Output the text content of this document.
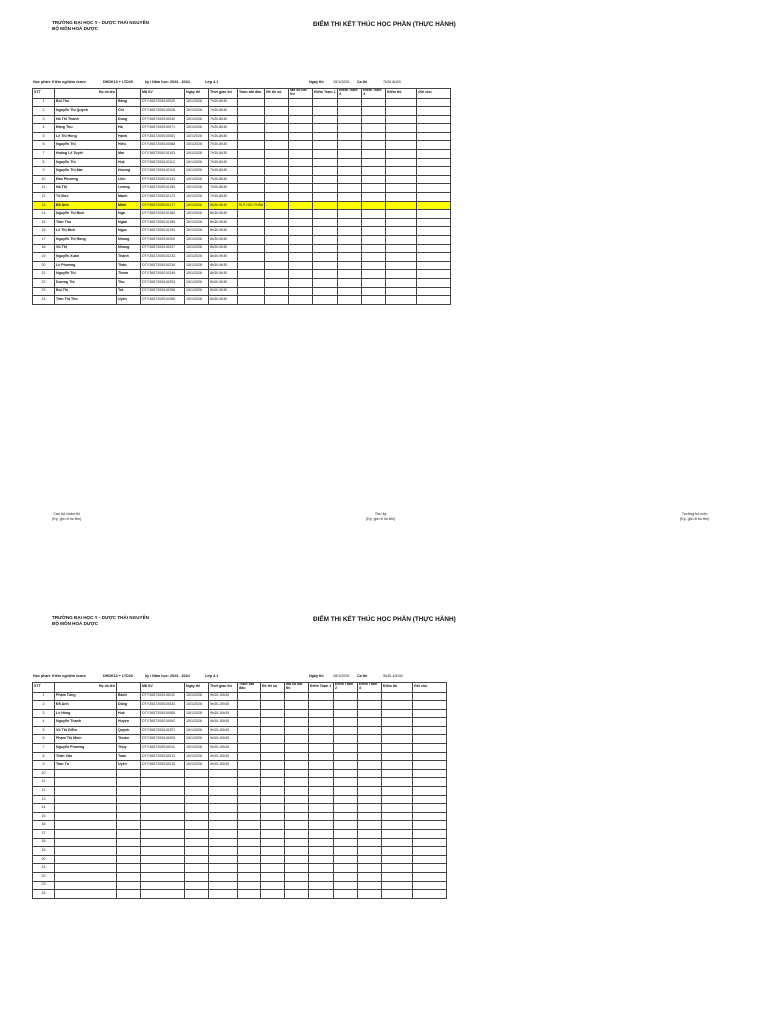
TRƯỜNG ĐẠI HỌC Y - DƯỢC THÁI NGUYÊN
BỘ MÔN HOÁ DƯỢC
ĐIỂM THI KẾT THÚC HỌC PHẦN (THỰC HÀNH)
Học phần: Kiểm nghiệm dược	DHDK16 + LTD20	kỳ I Năm học: 2023 - 2024	Lớp 4.1	Ngày thi	15/1/2026 Ca thi	7h30-8h30
STT	Họ và tên		Mã SV	Ngày thi	Thời gian thi	Trạm bắt đầu	Đề thi số	Mã số bài thi	Điểm Trạm 1	Điểm Trạm 2	Điểm Trạm 3	Điểm thi	Ghi chú
1	Bùi Thu	Băng	DTY2657200010020	15/1/2026	7h30-8h30								
2	Nguyễn Thị Quỳnh	Chi	DTY2657200010028	15/1/2026	7h30-8h30								
3	Hà Thị Thanh	Dung	DTY2657200010040	15/1/2026	7h30-8h30								
4	Đặng Thu	Hà	DTY2657200010071	15/1/2026	7h30-8h30								
5	Lê Thị Hồng	Hạnh	DTY2657200010081	15/1/2026	7h30-8h30								
6	Nguyễn Thị	Hiếu	DTY2657200010088	15/1/2026	7h30-8h30								
7	Hoàng Lê Tuyết	Mai	DTY2657200010103	15/1/2026	7h30-8h30								
8	Nguyễn Thị	Huệ	DTY2657200010112	15/1/2026	7h30-8h30								
9	Nguyễn Thị Mai	Hương	DTY2657200010118	15/1/2026	7h30-8h30								
10	Đào Phương	Liên	DTY2657200010143	15/1/2026	7h30-8h30								
11	Hà Thị	Lương	DTY2657200010159	15/1/2026	7h30-8h30								
12	Tô Đức	Mạnh	DTY2657200010172	15/1/2026	7h30-8h30								
13	Đỗ Anh	Minh	DTY2657200010177	15/1/2026	8h30-9h30	RÚT HỌC PHẦN							
14	Nguyễn Thị Bích	Ngà	DTY2657200010184	15/1/2026	8h30-9h30								
15	Trần Thu	Ngân	DTY2657200010189	15/1/2026	8h30-9h30								
16	Lê Thị Bích	Ngọc	DTY2657200010194	15/1/2026	8h30-9h30								
17	Nguyễn Thị Hồng	Nhung	DTY2657200010200	15/1/2026	8h30-9h30								
18	Vũ Thị	Nhung	DTY2657200010207	15/1/2026	8h30-9h30								
19	Nguyễn Xuân	Thành	DTY2657200010233	15/1/2026	8h30-9h30								
20	Lê Phương	Thảo	DTY2657200010239	15/1/2026	8h30-9h30								
21	Nguyễn Thị	Thơm	DTY2657200010249	15/1/2026	8h30-9h30								
22	Dương Thị	Thu	DTY2657200010253	15/1/2026	8h30-9h30								
23	Bùi Thị	Trà	DTY2657200010258	15/1/2026	8h30-9h30								
24	Trần Thị Thu	Uyên	DTY2657200010285	15/1/2026	8h30-9h30								
Cán bộ chấm thi
(Ký, ghi rõ họ tên)
Thư ký
(Ký, ghi rõ họ tên)
Trưởng bộ môn
(Ký, ghi rõ họ tên)
TRƯỜNG ĐẠI HỌC Y - DƯỢC THÁI NGUYÊN
BỘ MÔN HOÁ DƯỢC
ĐIỂM THI KẾT THÚC HỌC PHẦN (THỰC HÀNH)
Học phần: Kiểm nghiệm dược	DHDK16 + LTD20	kỳ I Năm học: 2023 - 2024	Lớp 4.1	Ngày thi	15/1/2026 Ca thi	9h30-10h30
STT	Họ và tên		Mã SV	Ngày thi	Thời gian thi	Trạm bắt đầu	Đề thi số	Mã số bài thi	Điểm Trạm 1	Điểm Trạm 2	Điểm Trạm 3	Điểm thi	Ghi chú
1	Phạm Tùng	Bách	DTY2657200010011	15/1/2026	9h30-10h30								
2	Đỗ Anh	Dũng	DTY2657200010043	15/1/2026	9h30-10h30								
3	Lê Hồng	Huệ	DTY2657200010085	15/1/2026	9h30-10h30								
4	Nguyễn Thanh	Huyền	DTY2657200010092	15/1/2026	9h30-10h30								
5	Vũ Thị Diễm	Quỳnh	DTY2657200010207	15/1/2026	9h30-10h30								
6	Phạm Thị Minh	Thuần	DTY2657200010009	15/1/2026	9h30-10h30								
7	Nguyễn Phương	Thùy	DTY2657200010011	15/1/2026	9h30-10h30								
8	Thân Văn	Toàn	DTY2657200010013	15/1/2026	9h30-10h30								
9	Trần Tú	Uyên	DTY2657200010015	15/1/2026	9h30-10h30								
10													
11													
12													
13													
14													
15													
16													
17													
18													
19													
20													
21													
22													
23													
24													
